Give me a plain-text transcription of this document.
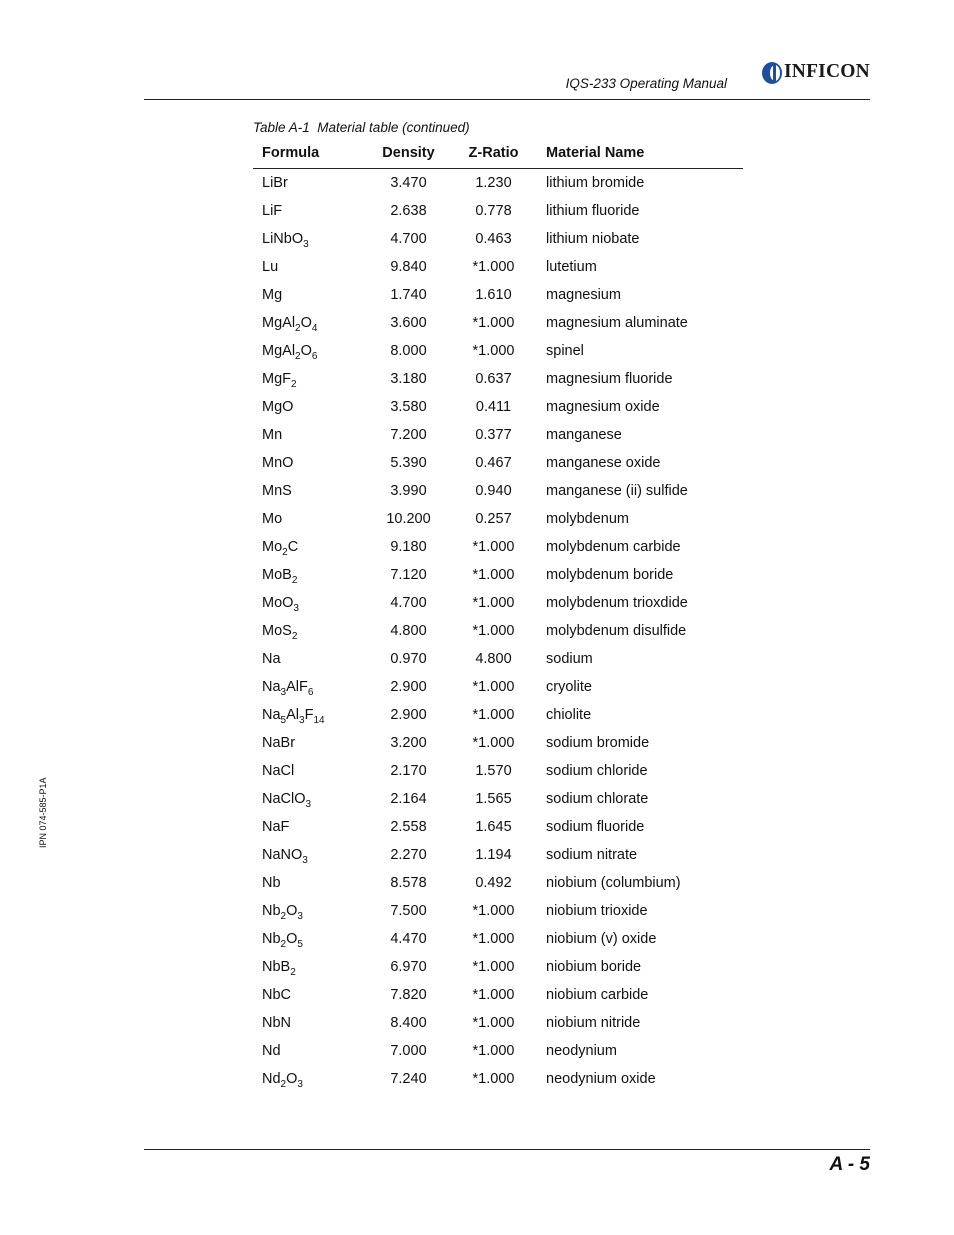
IQS-233 Operating Manual
INFICON
Table A-1  Material table (continued)
Formula	Density	Z-Ratio	Material Name
LiBr	3.470	1.230	lithium bromide
LiF	2.638	0.778	lithium fluoride
LiNbO$_3$	4.700	0.463	lithium niobate
Lu	9.840	*1.000	lutetium
Mg	1.740	1.610	magnesium
$MgAl_2O_4$	3.600	*1.000	magnesium aluminate
$MgAl_2O_6$	8.000	*1.000	spinel
MgF$_2$	3.180	0.637	magnesium fluoride
MgO	3.580	0.411	magnesium oxide
Mn	7.200	0.377	manganese
MnO	5.390	0.467	manganese oxide
MnS	3.990	0.940	manganese (ii) sulfide
Mo	10.200	0.257	molybdenum
$Mo_2C$	9.180	*1.000	molybdenum carbide
MoB$_2$	7.120	*1.000	molybdenum boride
MoO$_3$	4.700	*1.000	molybdenum trioxdide
MoS$_2$	4.800	*1.000	molybdenum disulfide
Na	0.970	4.800	sodium
$Na_3AlF_6$	2.900	*1.000	cryolite
$Na_5Al_3F_{14}$	2.900	*1.000	chiolite
NaBr	3.200	*1.000	sodium bromide
NaCl	2.170	1.570	sodium chloride
NaClO$_3$	2.164	1.565	sodium chlorate
NaF	2.558	1.645	sodium fluoride
NaNO$_3$	2.270	1.194	sodium nitrate
Nb	8.578	0.492	niobium (columbium)
$Nb_2O_3$	7.500	*1.000	niobium trioxide
$Nb_2O_5$	4.470	*1.000	niobium (v) oxide
NbB$_2$	6.970	*1.000	niobium boride
NbC	7.820	*1.000	niobium carbide
NbN	8.400	*1.000	niobium nitride
Nd	7.000	*1.000	neodynium
$Nd_2O_3$	7.240	*1.000	neodynium oxide
IPN 074-585-P1A
A - 5
